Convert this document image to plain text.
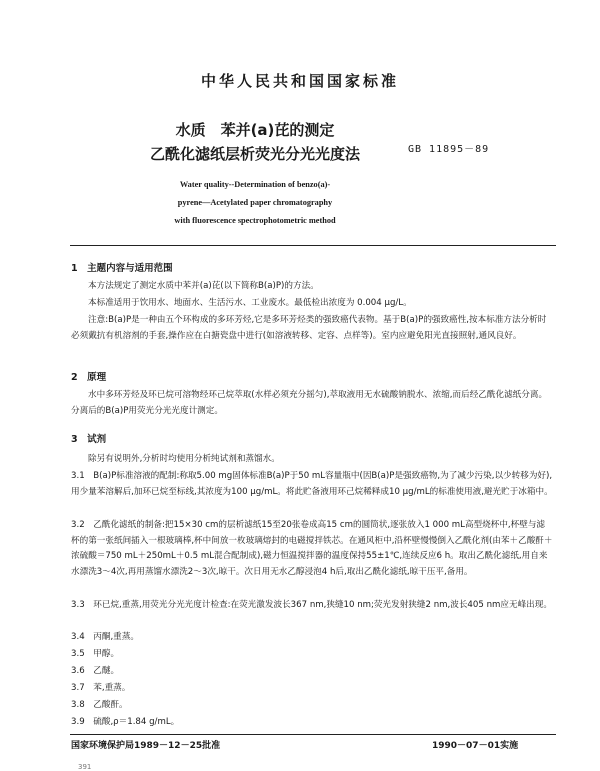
中华人民共和国国家标准
水质　苯并(a)芘的测定
乙酰化滤纸层析荧光分光光度法	GB 11895－89
Water quality--Determination of benzo(a)-
pyrene—Acetylated paper chromatography
with fluorescence spectrophotometric method
1　主题内容与适用范围
本方法规定了测定水质中苯并(a)芘(以下简称B(a)P)的方法。
本标准适用于饮用水、地面水、生活污水、工业废水。最低检出浓度为 0.004 μg/L。
注意:B(a)P是一种由五个环构成的多环芳烃,它是多环芳烃类的强致癌代表物。基于B(a)P的强致癌性,按本标准方法分析时必须戴抗有机溶剂的手套,操作应在白搪瓷盘中进行(如溶液转移、定容、点样等)。室内应避免阳光直接照射,通风良好。
2　原理
水中多环芳烃及环已烷可溶物经环己烷萃取(水样必须充分摇匀),萃取液用无水硫酸钠脱水、浓缩,而后经乙酰化滤纸分离。分离后的B(a)P用荧光分光光度计测定。
3　试剂
除另有说明外,分析时均使用分析纯试剂和蒸馏水。
3.1　B(a)P标准溶液的配制:称取5.00 mg固体标准B(a)P于50 mL容量瓶中(因B(a)P是强致癌物,为了减少污染,以少转移为好),用少量苯溶解后,加环已烷至标线,其浓度为100 μg/mL。将此贮备液用环己烷稀释成10 μg/mL的标准使用液,避光贮于冰箱中。
3.2　乙酰化滤纸的制备:把15×30 cm的层析滤纸15至20张卷成高15 cm的圆筒状,逐张放入1 000 mL高型烧杯中,杯壁与滤杯的第一张纸间插入一根玻璃棒,杯中间放一枚玻璃熔封的电磁搅拌铁芯。在通风柜中,沿杯壁慢慢倒入乙酰化剂(由苯＋乙酸酐＋浓硫酸＝750 mL＋250mL＋0.5 mL混合配制成),磁力恒温搅拌器的温度保持55±1℃,连续反应6 h。取出乙酰化滤纸,用自来水漂洗3～4次,再用蒸馏水漂洗2～3次,晾干。次日用无水乙醇浸泡4 h后,取出乙酰化滤纸,晾干压平,备用。
3.3　环已烷,重蒸,用荧光分光光度计检查:在荧光激发波长367 nm,狭缝10 nm;荧光发射狭缝2 nm,波长405 nm应无峰出现。
3.4　丙酮,重蒸。
3.5　甲醇。
3.6　乙醚。
3.7　苯,重蒸。
3.8　乙酸酐。
3.9　硫酸,ρ＝1.84 g/mL。
国家环境保护局1989－12－25批准	1990－07－01实施
391
